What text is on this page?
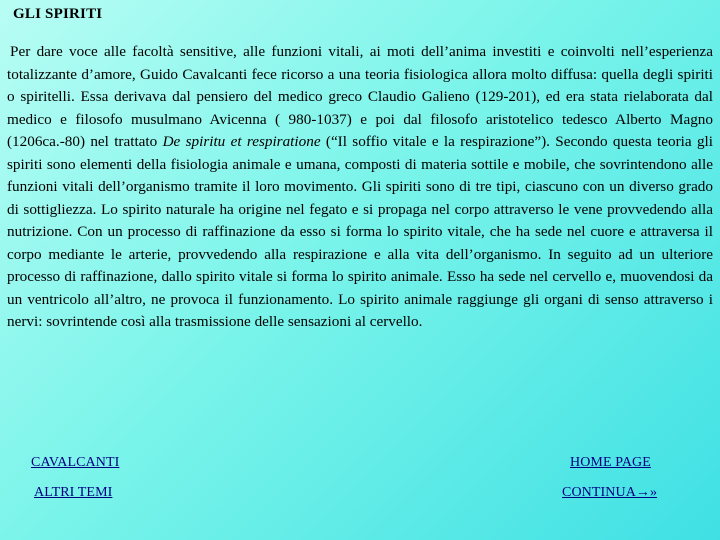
GLI SPIRITI

Per dare voce alle facoltà sensitive, alle funzioni vitali, ai moti dell’anima investiti e coinvolti nell’esperienza totalizzante d’amore, Guido Cavalcanti fece ricorso a una teoria fisiologica allora molto diffusa: quella degli spiriti o spiritelli. Essa derivava dal pensiero del medico greco Claudio Galieno (129-201), ed era stata rielaborata dal medico e filosofo musulmano Avicenna ( 980-1037) e poi dal filosofo aristotelico tedesco Alberto Magno (1206ca.-80) nel trattato De spiritu et respiratione (“Il soffio vitale e la respirazione”). Secondo questa teoria gli spiriti sono elementi della fisiologia animale e umana, composti di materia sottile e mobile, che sovrintendono alle funzioni vitali dell’organismo tramite il loro movimento. Gli spiriti sono di tre tipi, ciascuno con un diverso grado di sottigliezza. Lo spirito naturale ha origine nel fegato e si propaga nel corpo attraverso le vene provvedendo alla nutrizione. Con un processo di raffinazione da esso si forma lo spirito vitale, che ha sede nel cuore e attraversa il corpo mediante le arterie, provvedendo alla respirazione e alla vita dell’organismo. In seguito ad un ulteriore processo di raffinazione, dallo spirito vitale si forma lo spirito animale. Esso ha sede nel cervello e, muovendosi da un ventricolo all’altro, ne provoca il funzionamento. Lo spirito animale raggiunge gli organi di senso attraverso i nervi: sovrintende così alla trasmissione delle sensazioni al cervello.

CAVALCANTI	HOME PAGE
ALTRI TEMI	CONTINUA→»
